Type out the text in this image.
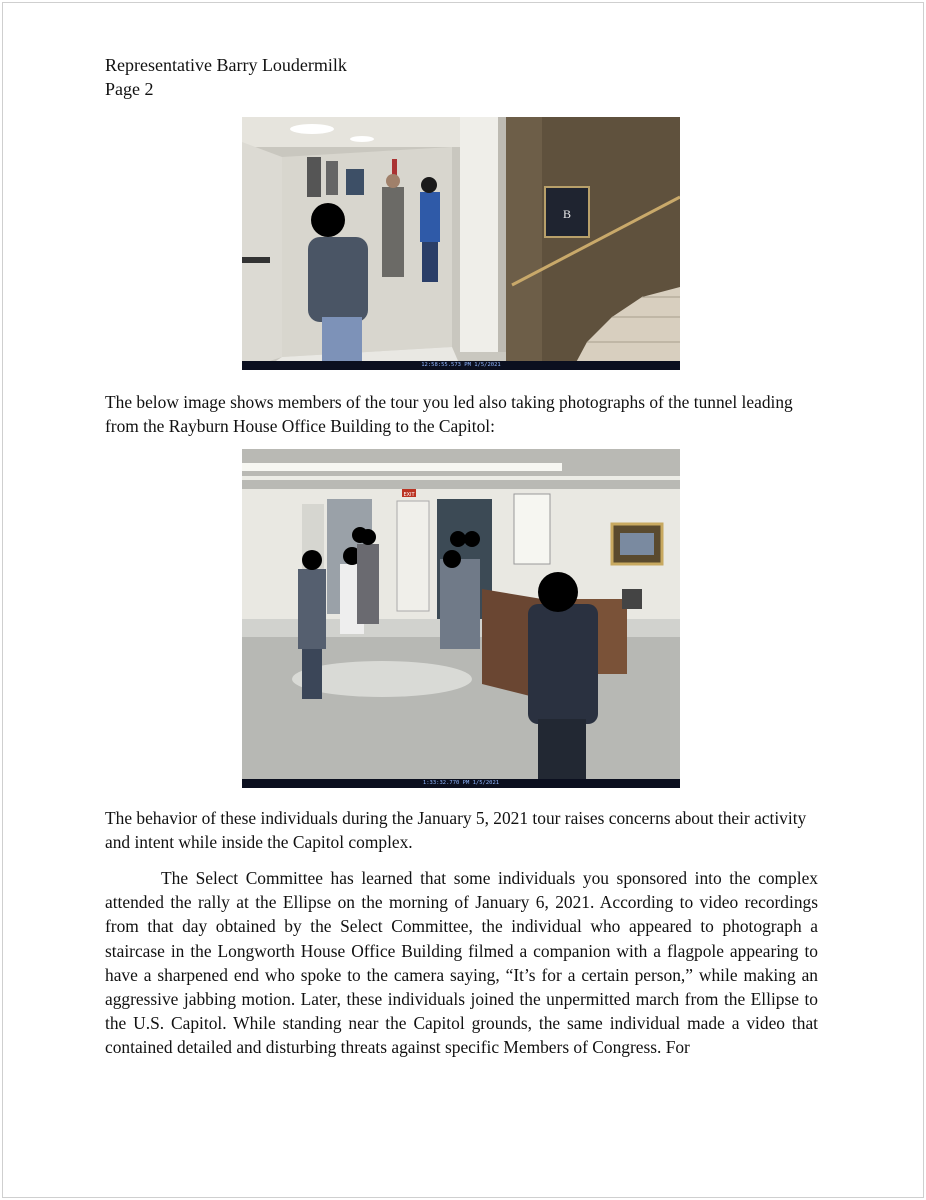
Representative Barry Loudermilk
Page 2
B
12:58:55.573 PM 1/5/2021
The below image shows members of the tour you led also taking photographs of the tunnel leading from the Rayburn House Office Building to the Capitol:
EXIT
1:33:32.770 PM 1/5/2021
The behavior of these individuals during the January 5, 2021 tour raises concerns about their activity and intent while inside the Capitol complex.
The Select Committee has learned that some individuals you sponsored into the complex attended the rally at the Ellipse on the morning of January 6, 2021. According to video recordings from that day obtained by the Select Committee, the individual who appeared to photograph a staircase in the Longworth House Office Building filmed a companion with a flagpole appearing to have a sharpened end who spoke to the camera saying, “It’s for a certain person,” while making an aggressive jabbing motion. Later, these individuals joined the unpermitted march from the Ellipse to the U.S. Capitol. While standing near the Capitol grounds, the same individual made a video that contained detailed and disturbing threats against specific Members of Congress. For
